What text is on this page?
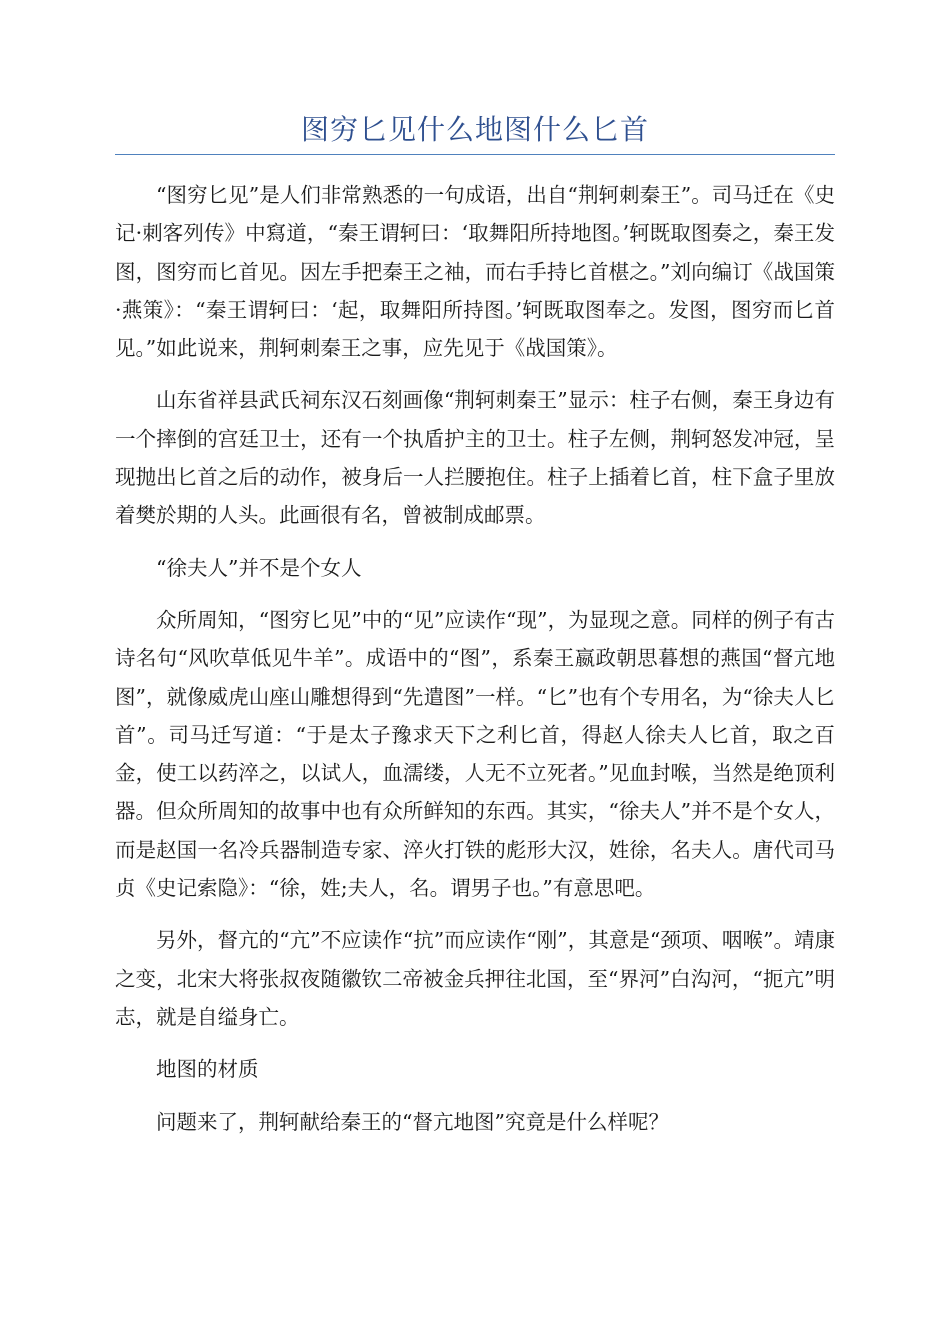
图穷匕见什么地图什么匕首

“图穷匕见”是人们非常熟悉的一句成语，出自“荆轲刺秦王”。司马迁在《史记·刺客列传》中寫道，“秦王谓轲曰：‘取舞阳所持地图。’轲既取图奏之，秦王发图，图穷而匕首见。因左手把秦王之袖，而右手持匕首椹之。”刘向编订《战国策·燕策》：“秦王谓轲曰：‘起，取舞阳所持图。’轲既取图奉之。发图，图穷而匕首见。”如此说来，荆轲刺秦王之事，应先见于《战国策》。

山东省祥县武氏祠东汉石刻画像“荆轲刺秦王”显示：柱子右侧，秦王身边有一个摔倒的宫廷卫士，还有一个执盾护主的卫士。柱子左侧，荆轲怒发冲冠，呈现抛出匕首之后的动作，被身后一人拦腰抱住。柱子上插着匕首，柱下盒子里放着樊於期的人头。此画很有名，曾被制成邮票。

“徐夫人”并不是个女人

众所周知，“图穷匕见”中的“见”应读作“现”，为显现之意。同样的例子有古诗名句“风吹草低见牛羊”。成语中的“图”，系秦王嬴政朝思暮想的燕国“督亢地图”，就像威虎山座山雕想得到“先遣图”一样。“匕”也有个专用名，为“徐夫人匕首”。司马迁写道：“于是太子豫求天下之利匕首，得赵人徐夫人匕首，取之百金，使工以药淬之，以试人，血濡缕，人无不立死者。”见血封喉，当然是绝顶利器。但众所周知的故事中也有众所鲜知的东西。其实，“徐夫人”并不是个女人，而是赵国一名冷兵器制造专家、淬火打铁的彪形大汉，姓徐，名夫人。唐代司马贞《史记索隐》：“徐，姓;夫人，名。谓男子也。”有意思吧。

另外，督亢的“亢”不应读作“抗”而应读作“刚”，其意是“颈项、咽喉”。靖康之变，北宋大将张叔夜随徽钦二帝被金兵押往北国，至“界河”白沟河，“扼亢”明志，就是自缢身亡。

地图的材质

问题来了，荆轲献给秦王的“督亢地图”究竟是什么样呢？
